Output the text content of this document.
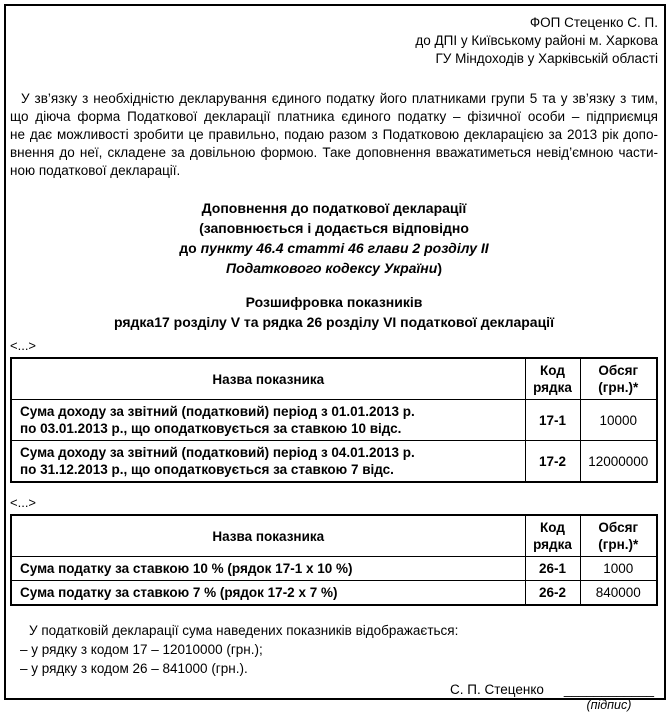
ФОП Стеценко С. П.
до ДПІ у Київському районі м. Харкова
ГУ Міндоходів у Харківській області
У зв’язку з необхідністю декларування єдиного податку його платниками групи 5 та у зв’язку з тим,
що діюча форма Податкової декларації платника єдиного податку – фізичної особи – підприємця
не дає можливості зробити це правильно, подаю разом з Податковою декларацією за 2013 рік допо-
внення до неї, складене за довільною формою. Таке доповнення вважатиметься невід’ємною части-
ною податкової декларації.
Доповнення до податкової декларації
(заповнюється і додається відповідно
до пункту 46.4 статті 46 глави 2 розділу II
Податкового кодексу України)
Розшифровка показників
рядка17 розділу V та рядка 26 розділу VI податкової декларації
<...>
Назва показника	Код рядка	Обсяг (грн.)*

Сума доходу за звітний (податковий) період з 01.01.2013 р.
по 03.01.2013 р., що оподатковується за ставкою 10 відс.	17-1	10000

Сума доходу за звітний (податковий) період з 04.01.2013 р.
по 31.12.2013 р., що оподатковується за ставкою 7 відс.	17-2	12000000
<...>
Назва показника	Код рядка	Обсяг (грн.)*
Сума податку за ставкою 10 % (рядок 17-1 х 10 %)	26-1	1000
Сума податку за ставкою 7 % (рядок 17-2 х 7 %)	26-2	840000
У податковій декларації сума наведених показників відображається:
– у рядку з кодом 17 – 12010000 (грн.);
– у рядку з кодом 26 – 841000 (грн.).
С. П. Стеценко ____________
(підпис)
